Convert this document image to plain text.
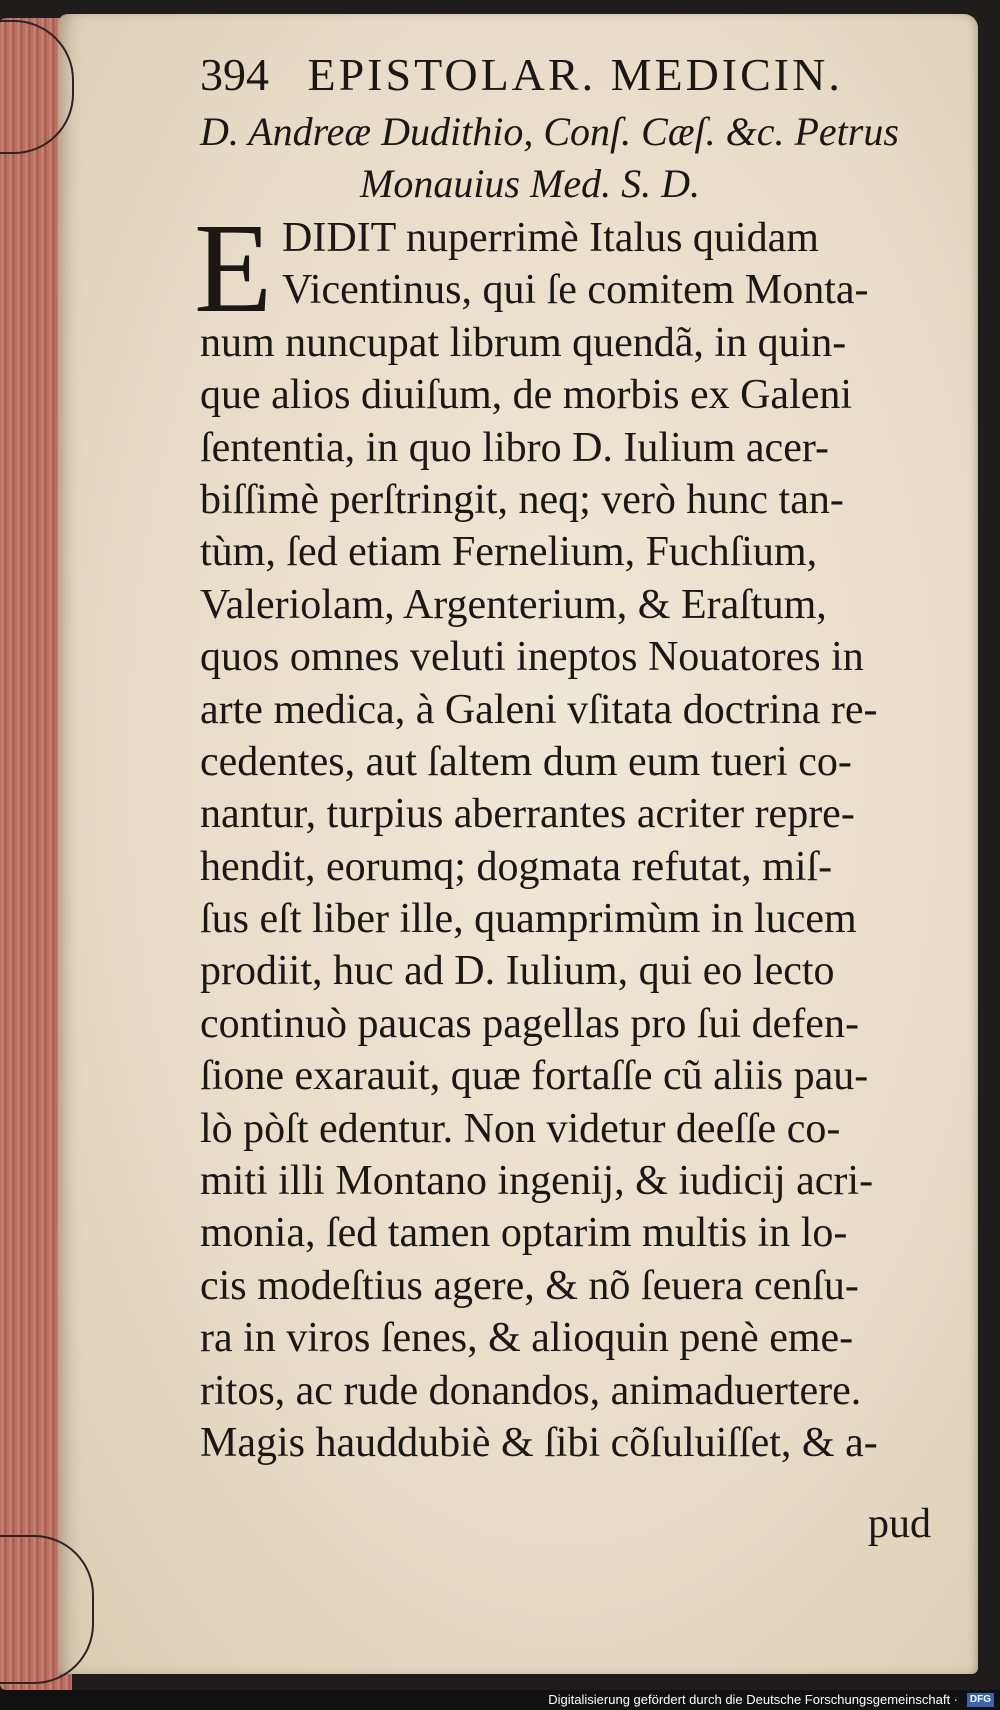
394 EPISTOLAR. MEDICIN.
D. Andreæ Dudithio, Conſ. Cæſ. &c. Petrus
Monauius Med. S. D.
E DIDIT nuperrimè Italus quidam
Vicentinus, qui ſe comitem Monta-
num nuncupat librum quendã, in quin-
que alios diuiſum, de morbis ex Galeni
ſententia, in quo libro D. Iulium acer-
biſſimè perſtringit, neq; verò hunc tan-
tùm, ſed etiam Fernelium, Fuchſium,
Valeriolam, Argenterium, & Eraſtum,
quos omnes veluti ineptos Nouatores in
arte medica, à Galeni vſitata doctrina re-
cedentes, aut ſaltem dum eum tueri co-
nantur, turpius aberrantes acriter repre-
hendit, eorumq; dogmata refutat, miſ-
ſus eſt liber ille, quamprimùm in lucem
prodiit, huc ad D. Iulium, qui eo lecto
continuò paucas pagellas pro ſui defen-
ſione exarauit, quæ fortaſſe cũ aliis pau-
lò pòſt edentur. Non videtur deeſſe co-
miti illi Montano ingenij, & iudicij acri-
monia, ſed tamen optarim multis in lo-
cis modeſtius agere, & nõ ſeuera cenſu-
ra in viros ſenes, & alioquin penè eme-
ritos, ac rude donandos, animaduertere.
Magis hauddubiè & ſibi cõſuluiſſet, & a-
pud
Digitalisierung gefördert durch die Deutsche Forschungsgemeinschaft ·	DFG
